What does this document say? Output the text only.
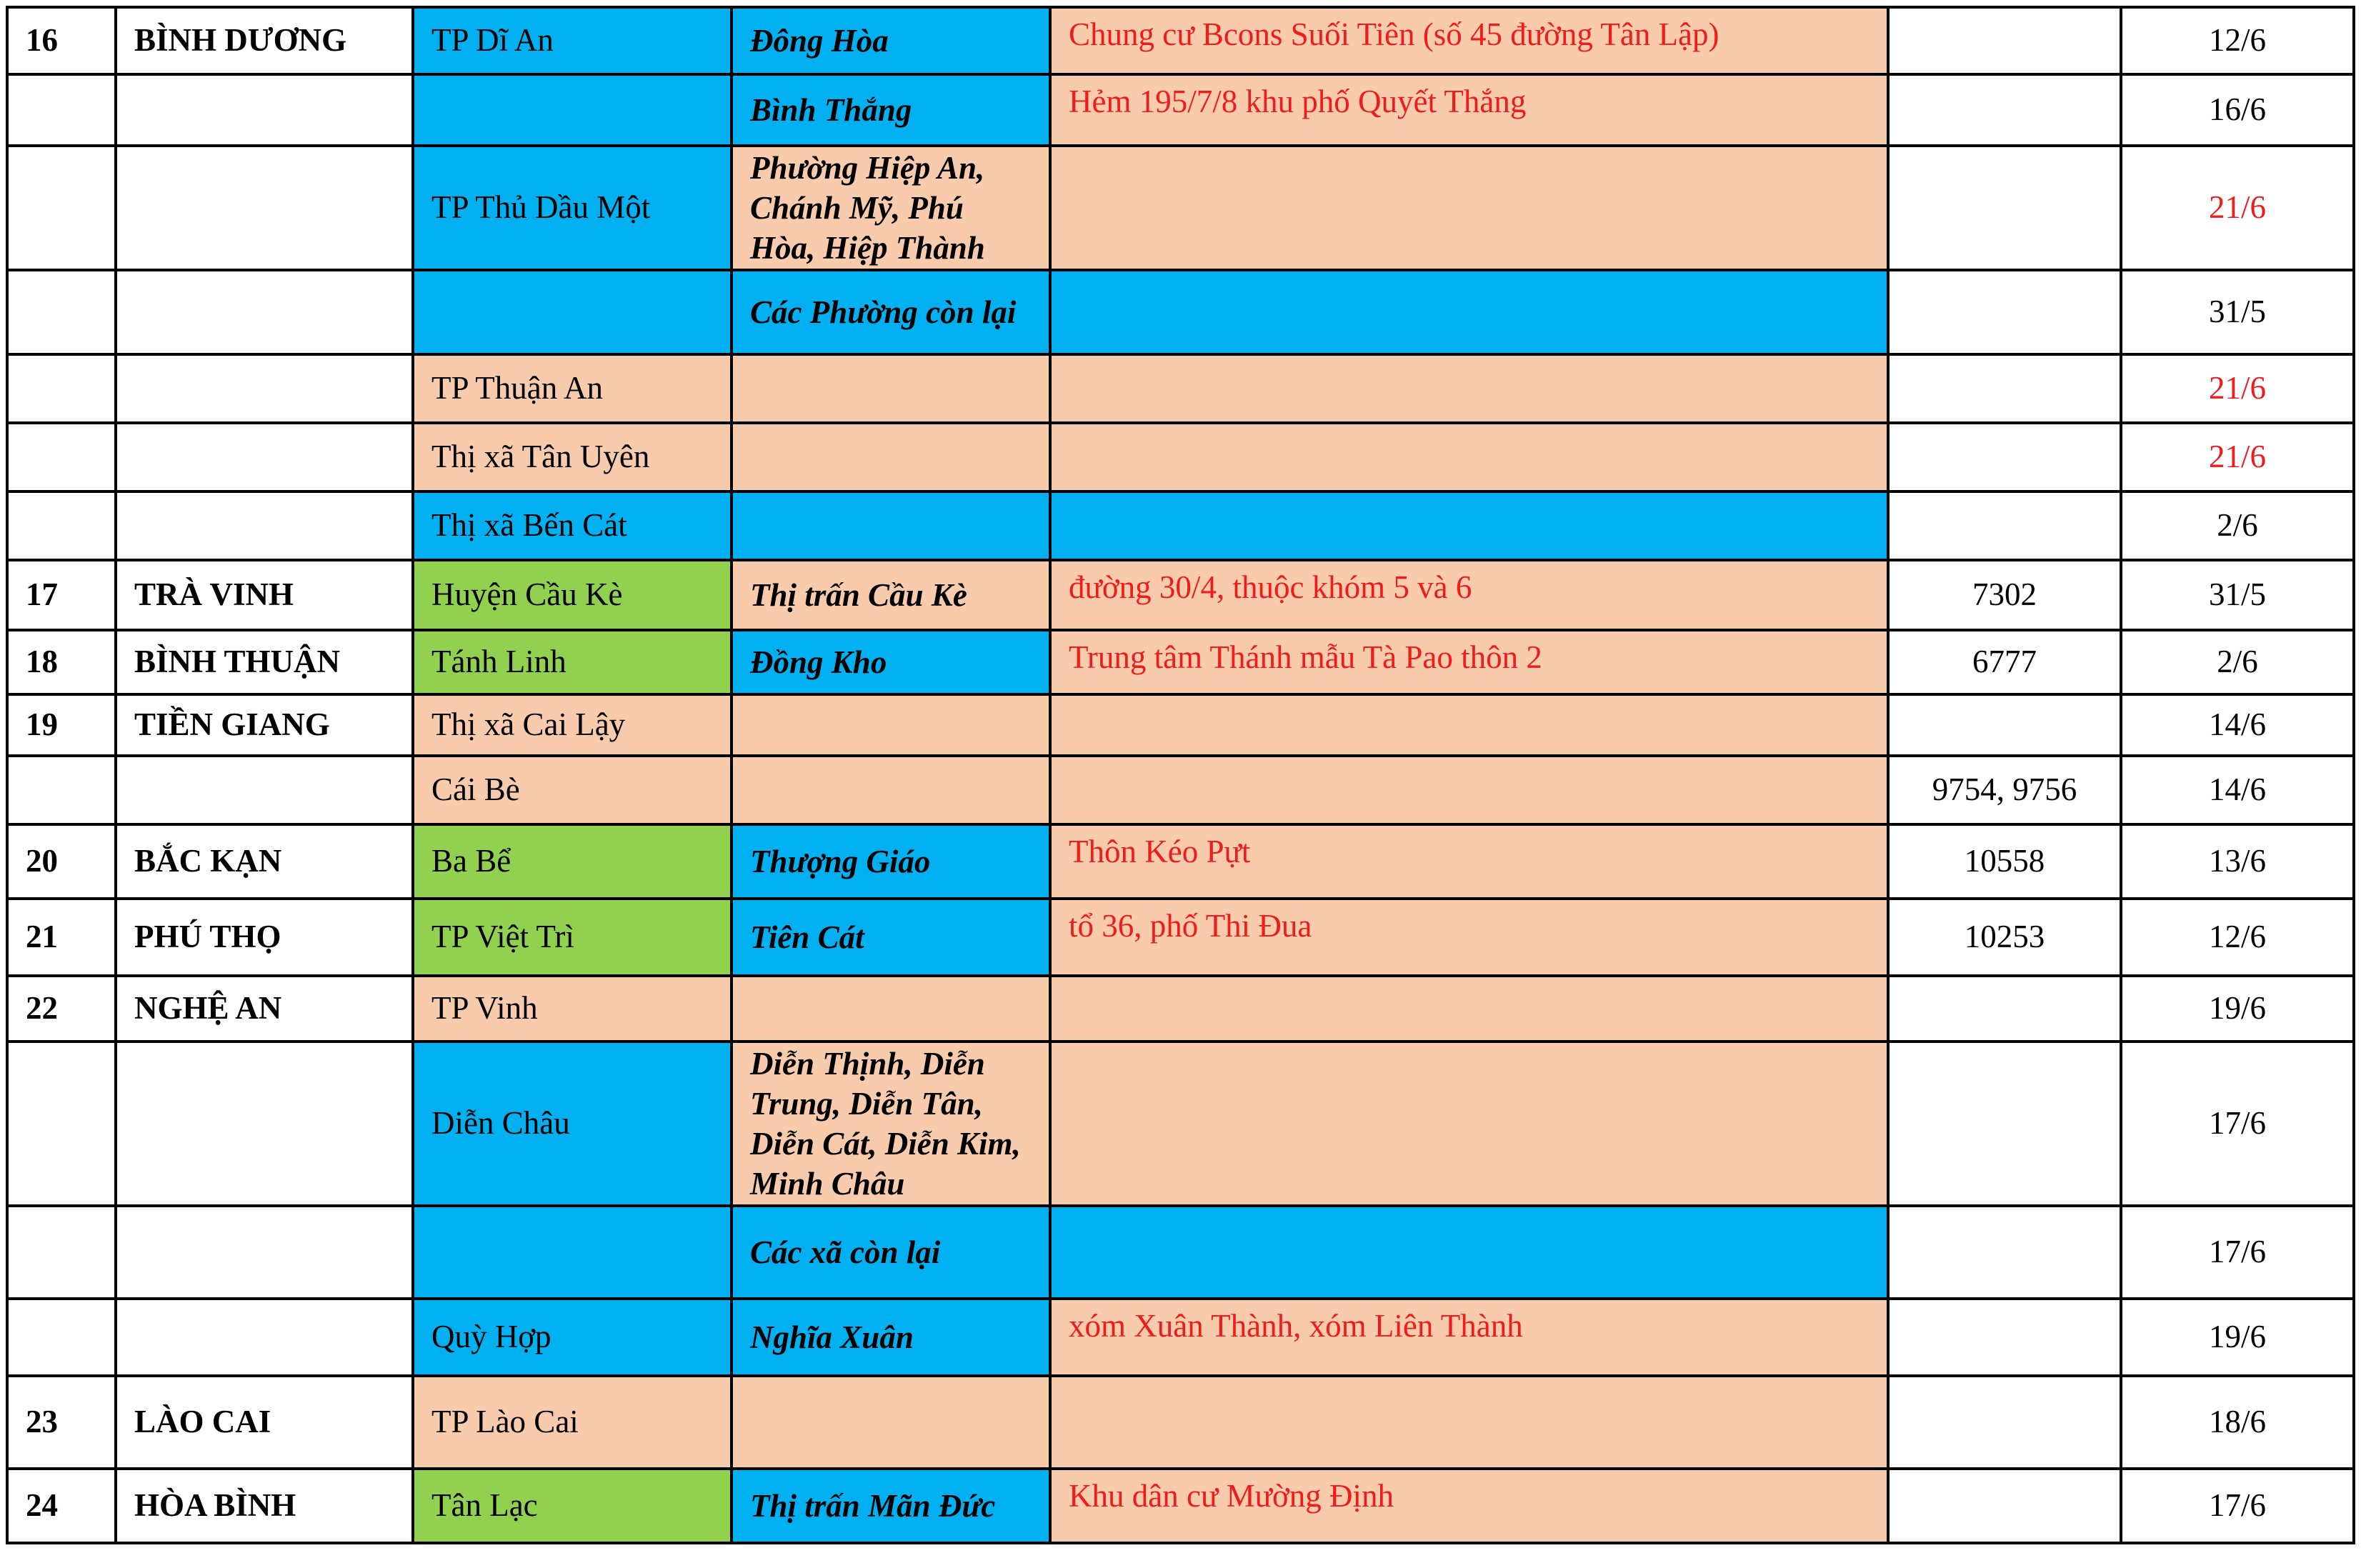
16	BÌNH DƯƠNG	TP Dĩ An	Đông Hòa	Chung cư Bcons Suối Tiên (số 45 đường Tân Lập)		12/6
			Bình Thắng	Hẻm 195/7/8 khu phố Quyết Thắng		16/6
		TP Thủ Dầu Một	Phường Hiệp An, Chánh Mỹ, Phú Hòa, Hiệp Thành			21/6
			Các Phường còn lại			31/5
		TP Thuận An				21/6
		Thị xã Tân Uyên				21/6
		Thị xã Bến Cát				2/6
17	TRÀ VINH	Huyện Cầu Kè	Thị trấn Cầu Kè	đường 30/4, thuộc khóm 5 và 6	7302	31/5
18	BÌNH THUẬN	Tánh Linh	Đồng Kho	Trung tâm Thánh mẫu Tà Pao thôn 2	6777	2/6
19	TIỀN GIANG	Thị xã Cai Lậy				14/6
		Cái Bè			9754, 9756	14/6
20	BẮC KẠN	Ba Bể	Thượng Giáo	Thôn Kéo Pựt	10558	13/6
21	PHÚ THỌ	TP Việt Trì	Tiên Cát	tổ 36, phố Thi Đua	10253	12/6
22	NGHỆ AN	TP Vinh				19/6
		Diễn Châu	Diễn Thịnh, Diễn Trung, Diễn Tân, Diễn Cát, Diễn Kim, Minh Châu			17/6
			Các xã còn lại			17/6
		Quỳ Hợp	Nghĩa Xuân	xóm Xuân Thành, xóm Liên Thành		19/6
23	LÀO CAI	TP Lào Cai				18/6
24	HÒA BÌNH	Tân Lạc	Thị trấn Mãn Đức	Khu dân cư Mường Định		17/6
